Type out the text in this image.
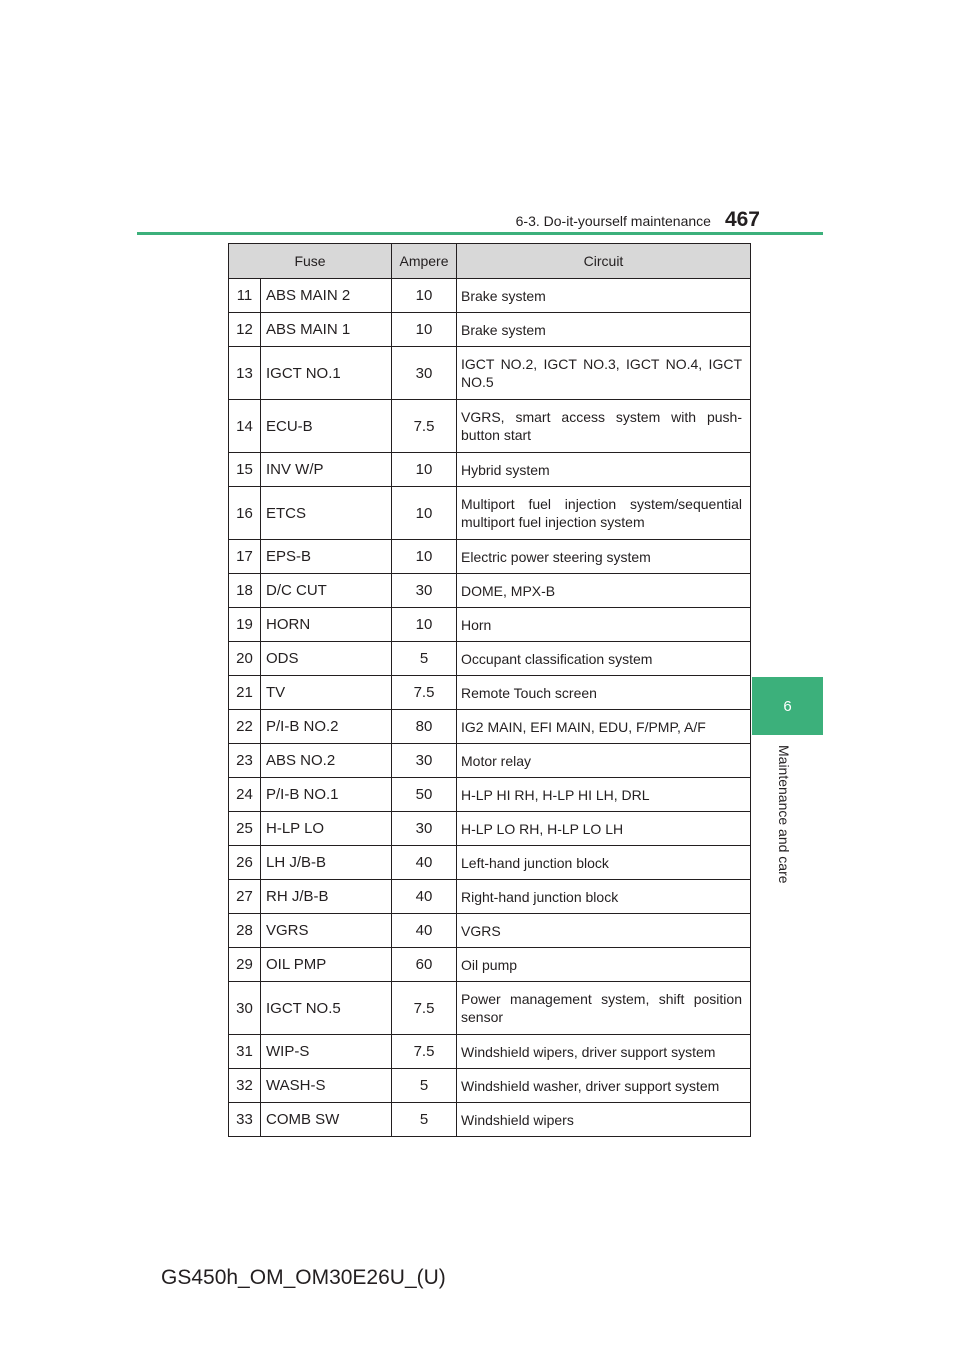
6-3. Do-it-yourself maintenance 467
6
Maintenance and care
Fuse		Ampere	Circuit
11	ABS MAIN 2	10	Brake system
12	ABS MAIN 1	10	Brake system
13	IGCT NO.1	30	IGCT NO.2, IGCT NO.3, IGCT NO.4, IGCT NO.5
14	ECU-B	7.5	VGRS, smart access system with push-button start
15	INV W/P	10	Hybrid system
16	ETCS	10	Multiport fuel injection system/sequential multiport fuel injection system
17	EPS-B	10	Electric power steering system
18	D/C CUT	30	DOME, MPX-B
19	HORN	10	Horn
20	ODS	5	Occupant classification system
21	TV	7.5	Remote Touch screen
22	P/I-B NO.2	80	IG2 MAIN, EFI MAIN, EDU, F/PMP, A/F
23	ABS NO.2	30	Motor relay
24	P/I-B NO.1	50	H-LP HI RH, H-LP HI LH, DRL
25	H-LP LO	30	H-LP LO RH, H-LP LO LH
26	LH J/B-B	40	Left-hand junction block
27	RH J/B-B	40	Right-hand junction block
28	VGRS	40	VGRS
29	OIL PMP	60	Oil pump
30	IGCT NO.5	7.5	Power management system, shift position sensor
31	WIP-S	7.5	Windshield wipers, driver support system
32	WASH-S	5	Windshield washer, driver support system
33	COMB SW	5	Windshield wipers
GS450h_OM_OM30E26U_(U)
